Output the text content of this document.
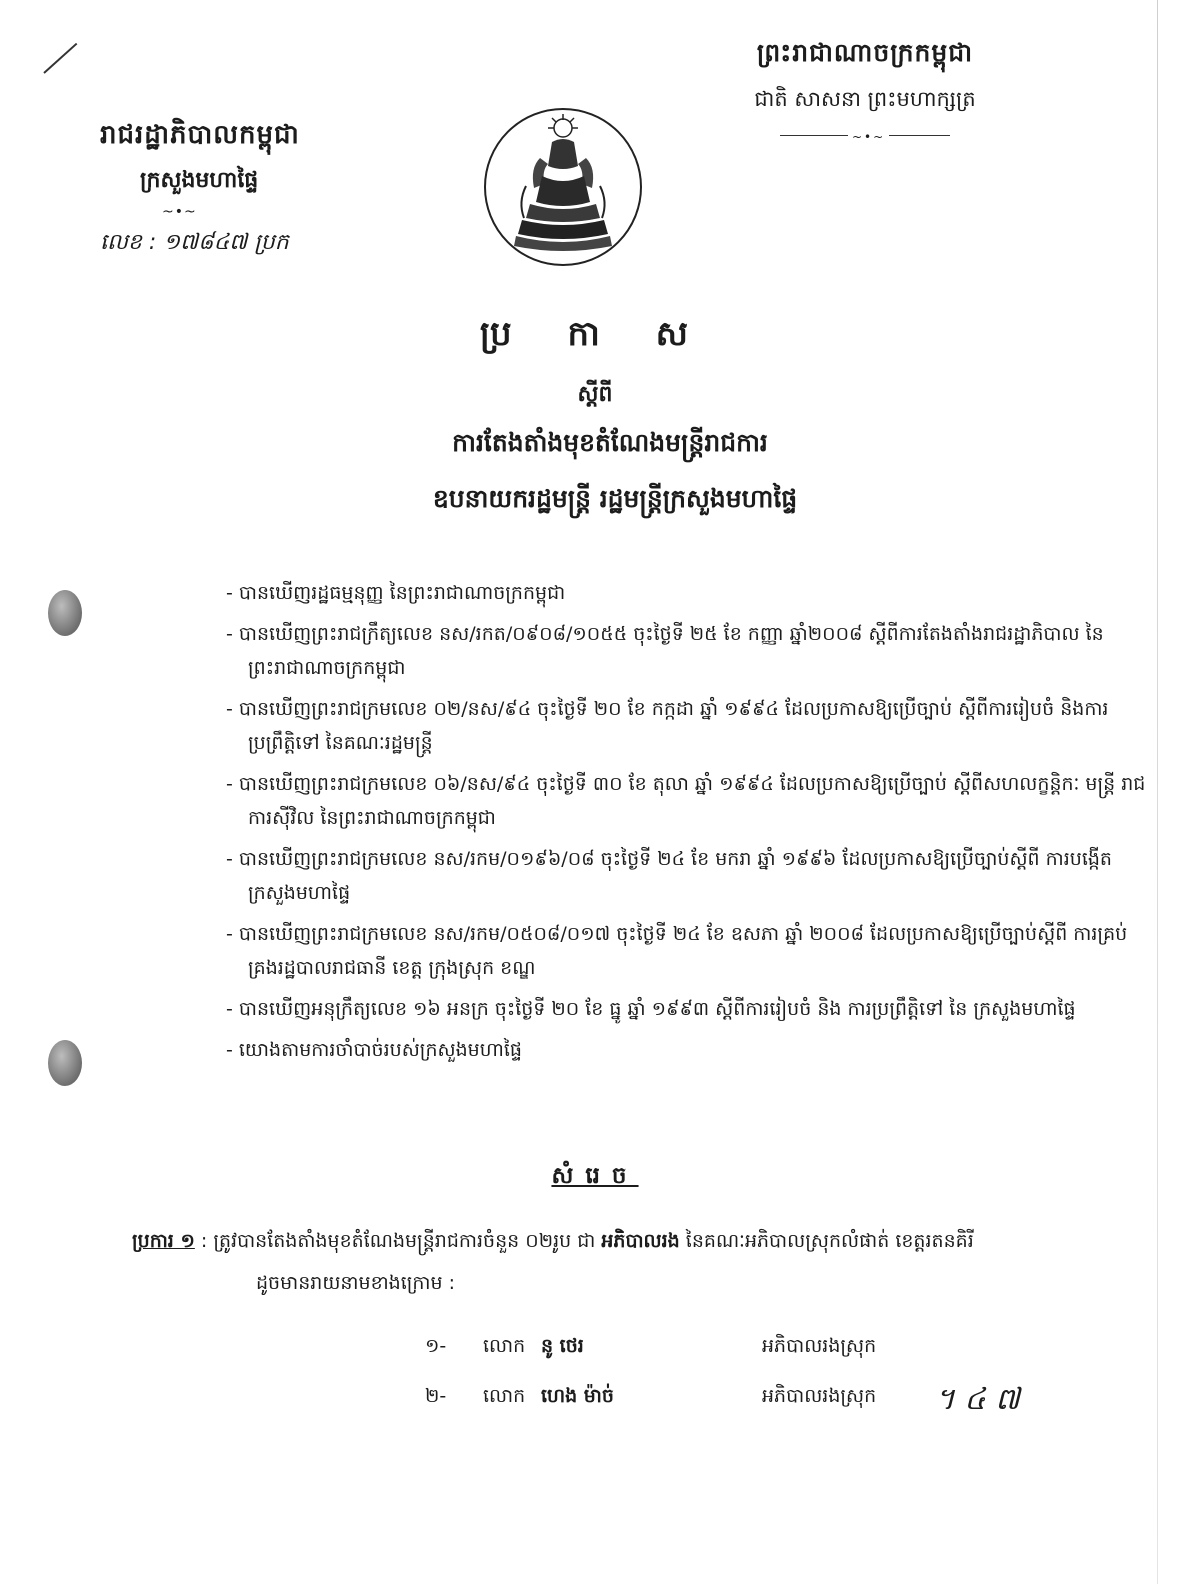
ព្រះរាជាណាចក្រកម្ពុជា
ជាតិ សាសនា ព្រះមហាក្សត្រ
~•~
រាជរដ្ឋាភិបាលកម្ពុជា
ក្រសួងមហាផ្ទៃ
~•~
លេខ : ១៧៨៤៧ ប្រក
ប្រ កា ស
ស្តីពី
ការតែងតាំងមុខតំណែងមន្ត្រីរាជការ
ឧបនាយករដ្ឋមន្ត្រី រដ្ឋមន្ត្រីក្រសួងមហាផ្ទៃ
- បានឃើញរដ្ឋធម្មនុញ្ញ នៃព្រះរាជាណាចក្រកម្ពុជា
- បានឃើញព្រះរាជក្រឹត្យលេខ នស/រកត/០៩០៨/១០៥៥ ចុះថ្ងៃទី ២៥ ខែ កញ្ញា ឆ្នាំ២០០៨ ស្តីពីការតែងតាំងរាជរដ្ឋាភិបាល នៃព្រះរាជាណាចក្រកម្ពុជា
- បានឃើញព្រះរាជក្រមលេខ ០២/នស/៩៤ ចុះថ្ងៃទី ២០ ខែ កក្កដា ឆ្នាំ ១៩៩៤ ដែលប្រកាសឱ្យប្រើច្បាប់ ស្តីពីការរៀបចំ និងការប្រព្រឹត្តិទៅ នៃគណៈរដ្ឋមន្ត្រី
- បានឃើញព្រះរាជក្រមលេខ ០៦/នស/៩៤ ចុះថ្ងៃទី ៣០ ខែ តុលា ឆ្នាំ ១៩៩៤ ដែលប្រកាសឱ្យប្រើច្បាប់ ស្តីពីសហលក្ខន្តិកៈ មន្ត្រី រាជការស៊ីវិល នៃព្រះរាជាណាចក្រកម្ពុជា
- បានឃើញព្រះរាជក្រមលេខ នស/រកម/០១៩៦/០៨ ចុះថ្ងៃទី ២៤ ខែ មករា ឆ្នាំ ១៩៩៦ ដែលប្រកាសឱ្យប្រើច្បាប់ស្តីពី ការបង្កើតក្រសួងមហាផ្ទៃ
- បានឃើញព្រះរាជក្រមលេខ នស/រកម/០៥០៨/០១៧ ចុះថ្ងៃទី ២៤ ខែ ឧសភា ឆ្នាំ ២០០៨ ដែលប្រកាសឱ្យប្រើច្បាប់ស្តីពី ការគ្រប់គ្រងរដ្ឋបាលរាជធានី ខេត្ត ក្រុងស្រុក ខណ្ឌ
- បានឃើញអនុក្រឹត្យលេខ ១៦ អនក្រ ចុះថ្ងៃទី ២០ ខែ ធ្នូ ឆ្នាំ ១៩៩៣ ស្តីពីការរៀបចំ និង ការប្រព្រឹត្តិទៅ នៃ ក្រសួងមហាផ្ទៃ
- យោងតាមការចាំបាច់របស់ក្រសួងមហាផ្ទៃ
សំរេច
ប្រការ ១ : ត្រូវបានតែងតាំងមុខតំណែងមន្ត្រីរាជការចំនួន ០២រូប ជា អភិបាលរង នៃគណៈអភិបាលស្រុកលំផាត់ ខេត្តរតនគិរី
ដូចមានរាយនាមខាងក្រោម :
១- លោក នូ ថេរ	អភិបាលរងស្រុក
២- លោក ហេង ម៉ាច់	អភិបាលរងស្រុក ។ ៤ ៧
